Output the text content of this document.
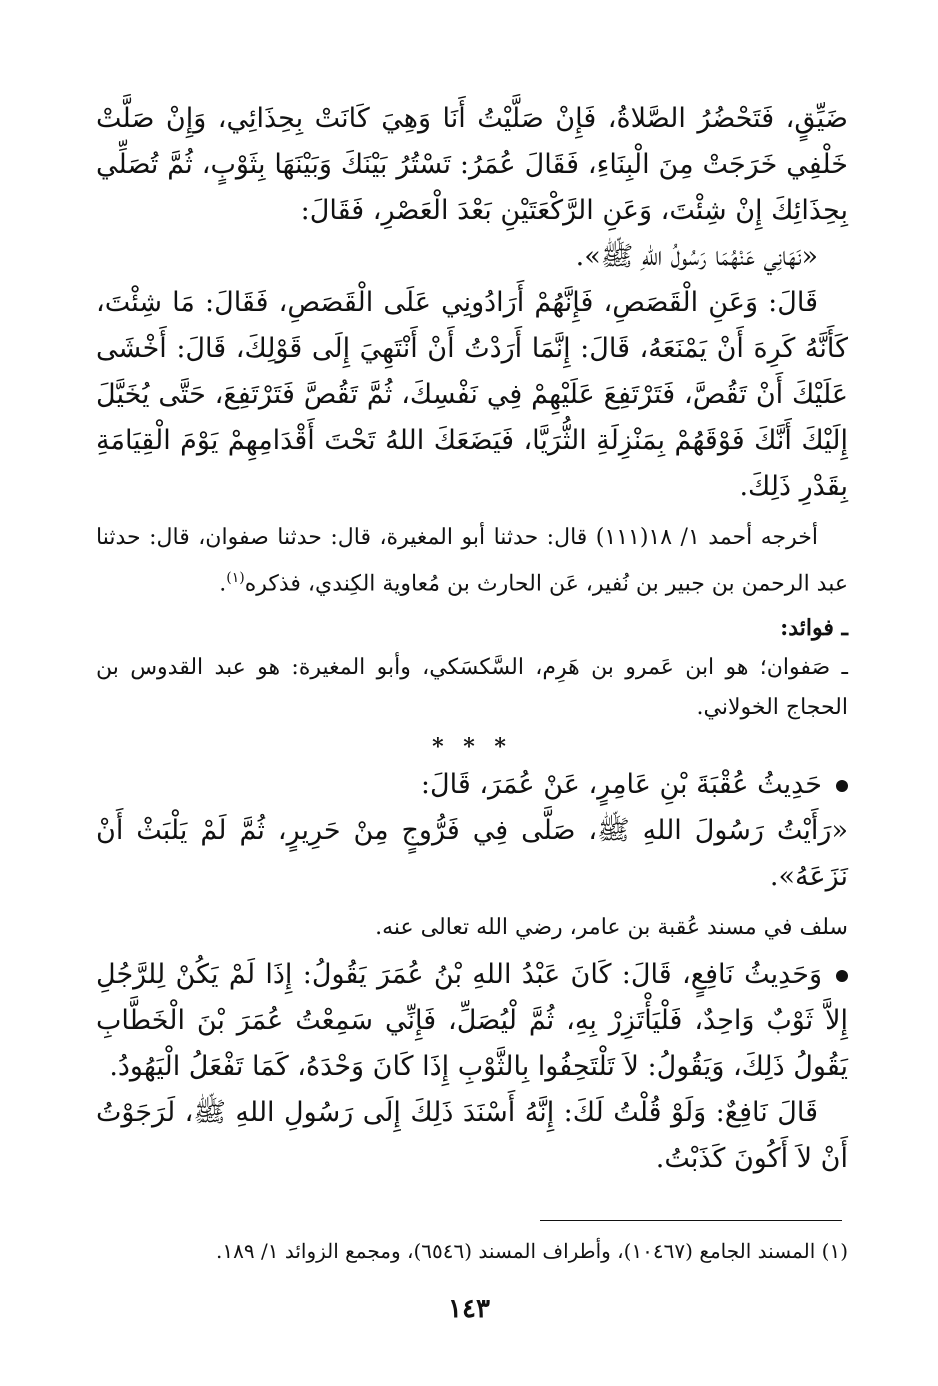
ضَيِّقٍ، فَتَحْضُرُ الصَّلاةُ، فَإِنْ صَلَّيْتُ أَنَا وَهِيَ كَانَتْ بِحِذَائِي، وَإِنْ صَلَّتْ خَلْفِي خَرَجَتْ مِنَ الْبِنَاءِ، فَقَالَ عُمَرُ: تَسْتُرُ بَيْنَكَ وَبَيْنَهَا بِثَوْبٍ، ثُمَّ تُصَلِّي بِحِذَائِكَ إِنْ شِئْتَ، وَعَنِ الرَّكْعَتَيْنِ بَعْدَ الْعَصْرِ، فَقَالَ:

«نَهَانِي عَنْهُمَا رَسُولُ اللهِ ﷺ».

قَالَ: وَعَنِ الْقَصَصِ، فَإِنَّهُمْ أَرَادُونِي عَلَى الْقَصَصِ، فَقَالَ: مَا شِئْتَ، كَأَنَّهُ كَرِهَ أَنْ يَمْنَعَهُ، قَالَ: إِنَّمَا أَرَدْتُ أَنْ أَنْتَهِيَ إِلَى قَوْلِكَ، قَالَ: أَخْشَى عَلَيْكَ أَنْ تَقُصَّ، فَتَرْتَفِعَ عَلَيْهِمْ فِي نَفْسِكَ، ثُمَّ تَقُصَّ فَتَرْتَفِعَ، حَتَّى يُخَيَّلَ إِلَيْكَ أَنَّكَ فَوْقَهُمْ بِمَنْزِلَةِ الثُّرَيَّا، فَيَضَعَكَ اللهُ تَحْتَ أَقْدَامِهِمْ يَوْمَ الْقِيَامَةِ بِقَدْرِ ذَلِكَ.

أخرجه أحمد ١/ ١٨(١١١) قال: حدثنا أبو المغيرة، قال: حدثنا صفوان، قال: حدثنا عبد الرحمن بن جبير بن نُفير، عَن الحارث بن مُعاوية الكِندي، فذكره$^{(١)}$.

ـ فوائد:

ـ صَفوان؛ هو ابن عَمرو بن هَرِم، السَّكسَكي، وأبو المغيرة: هو عبد القدوس بن الحجاج الخولاني.

* * *

حَدِيثُ عُقْبَةَ بْنِ عَامِرٍ، عَنْ عُمَرَ، قَالَ:

«رَأَيْتُ رَسُولَ اللهِ ﷺ، صَلَّى فِي فَرُّوجٍ مِنْ حَرِيرٍ، ثُمَّ لَمْ يَلْبَثْ أَنْ نَزَعَهُ».

سلف في مسند عُقبة بن عامر، رضي الله تعالى عنه.

وَحَدِيثُ نَافِعٍ، قَالَ: كَانَ عَبْدُ اللهِ بْنُ عُمَرَ يَقُولُ: إِذَا لَمْ يَكُنْ لِلرَّجُلِ إِلاَّ ثَوْبٌ وَاحِدٌ، فَلْيَأْتَزِرْ بِهِ، ثُمَّ لْيُصَلِّ، فَإِنِّي سَمِعْتُ عُمَرَ بْنَ الْخَطَّابِ يَقُولُ ذَلِكَ، وَيَقُولُ: لاَ تَلْتَحِفُوا بِالثَّوْبِ إِذَا كَانَ وَحْدَهُ، كَمَا تَفْعَلُ الْيَهُودُ.

قَالَ نَافِعٌ: وَلَوْ قُلْتُ لَكَ: إِنَّهُ أَسْنَدَ ذَلِكَ إِلَى رَسُولِ اللهِ ﷺ، لَرَجَوْتُ أَنْ لاَ أَكُونَ كَذَبْتُ.

(١) المسند الجامع (١٠٤٦٧)، وأطراف المسند (٦٥٤٦)، ومجمع الزوائد ١/ ١٨٩.
١٤٣
